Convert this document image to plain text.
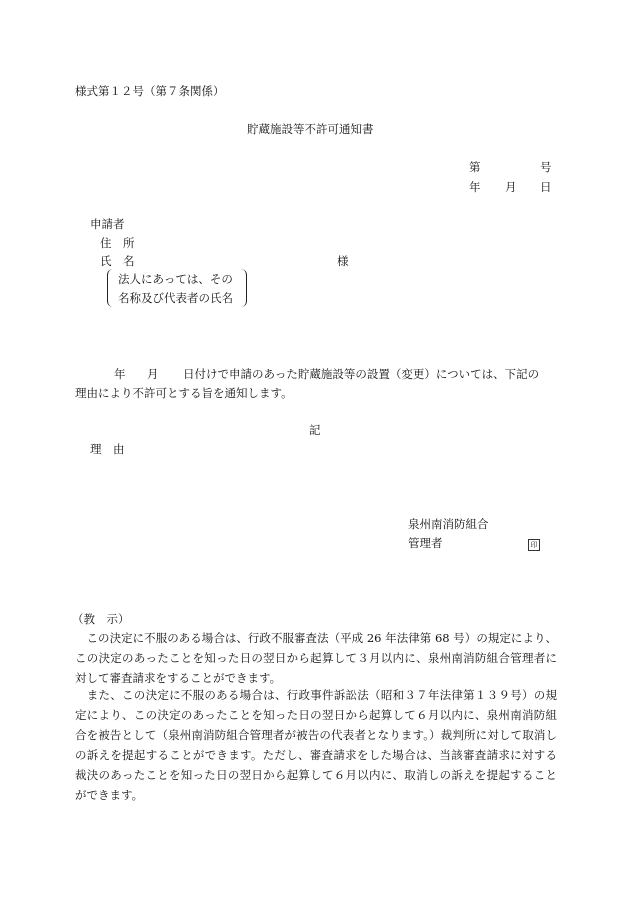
様式第１２号（第７条関係）
貯蔵施設等不許可通知書
第	号
年 月 日
申請者
住　所
氏　名	様
法人にあっては、その
名称及び代表者の氏名
年 月 日付けで申請のあった貯蔵施設等の設置（変更）については、下記の
理由により不許可とする旨を通知します。
記
理　由
泉州南消防組合
管理者	印
（教　示）
　この決定に不服のある場合は、行政不服審査法（平成 26 年法律第 68 号）の規定により、この決定のあったことを知った日の翌日から起算して３月以内に、泉州南消防組合管理者に対して審査請求をすることができます。
　また、この決定に不服のある場合は、行政事件訴訟法（昭和３７年法律第１３９号）の規定により、この決定のあったことを知った日の翌日から起算して６月以内に、泉州南消防組合を被告として（泉州南消防組合管理者が被告の代表者となります。）裁判所に対して取消しの訴えを提起することができます。ただし、審査請求をした場合は、当該審査請求に対する裁決のあったことを知った日の翌日から起算して６月以内に、取消しの訴えを提起することができます。
